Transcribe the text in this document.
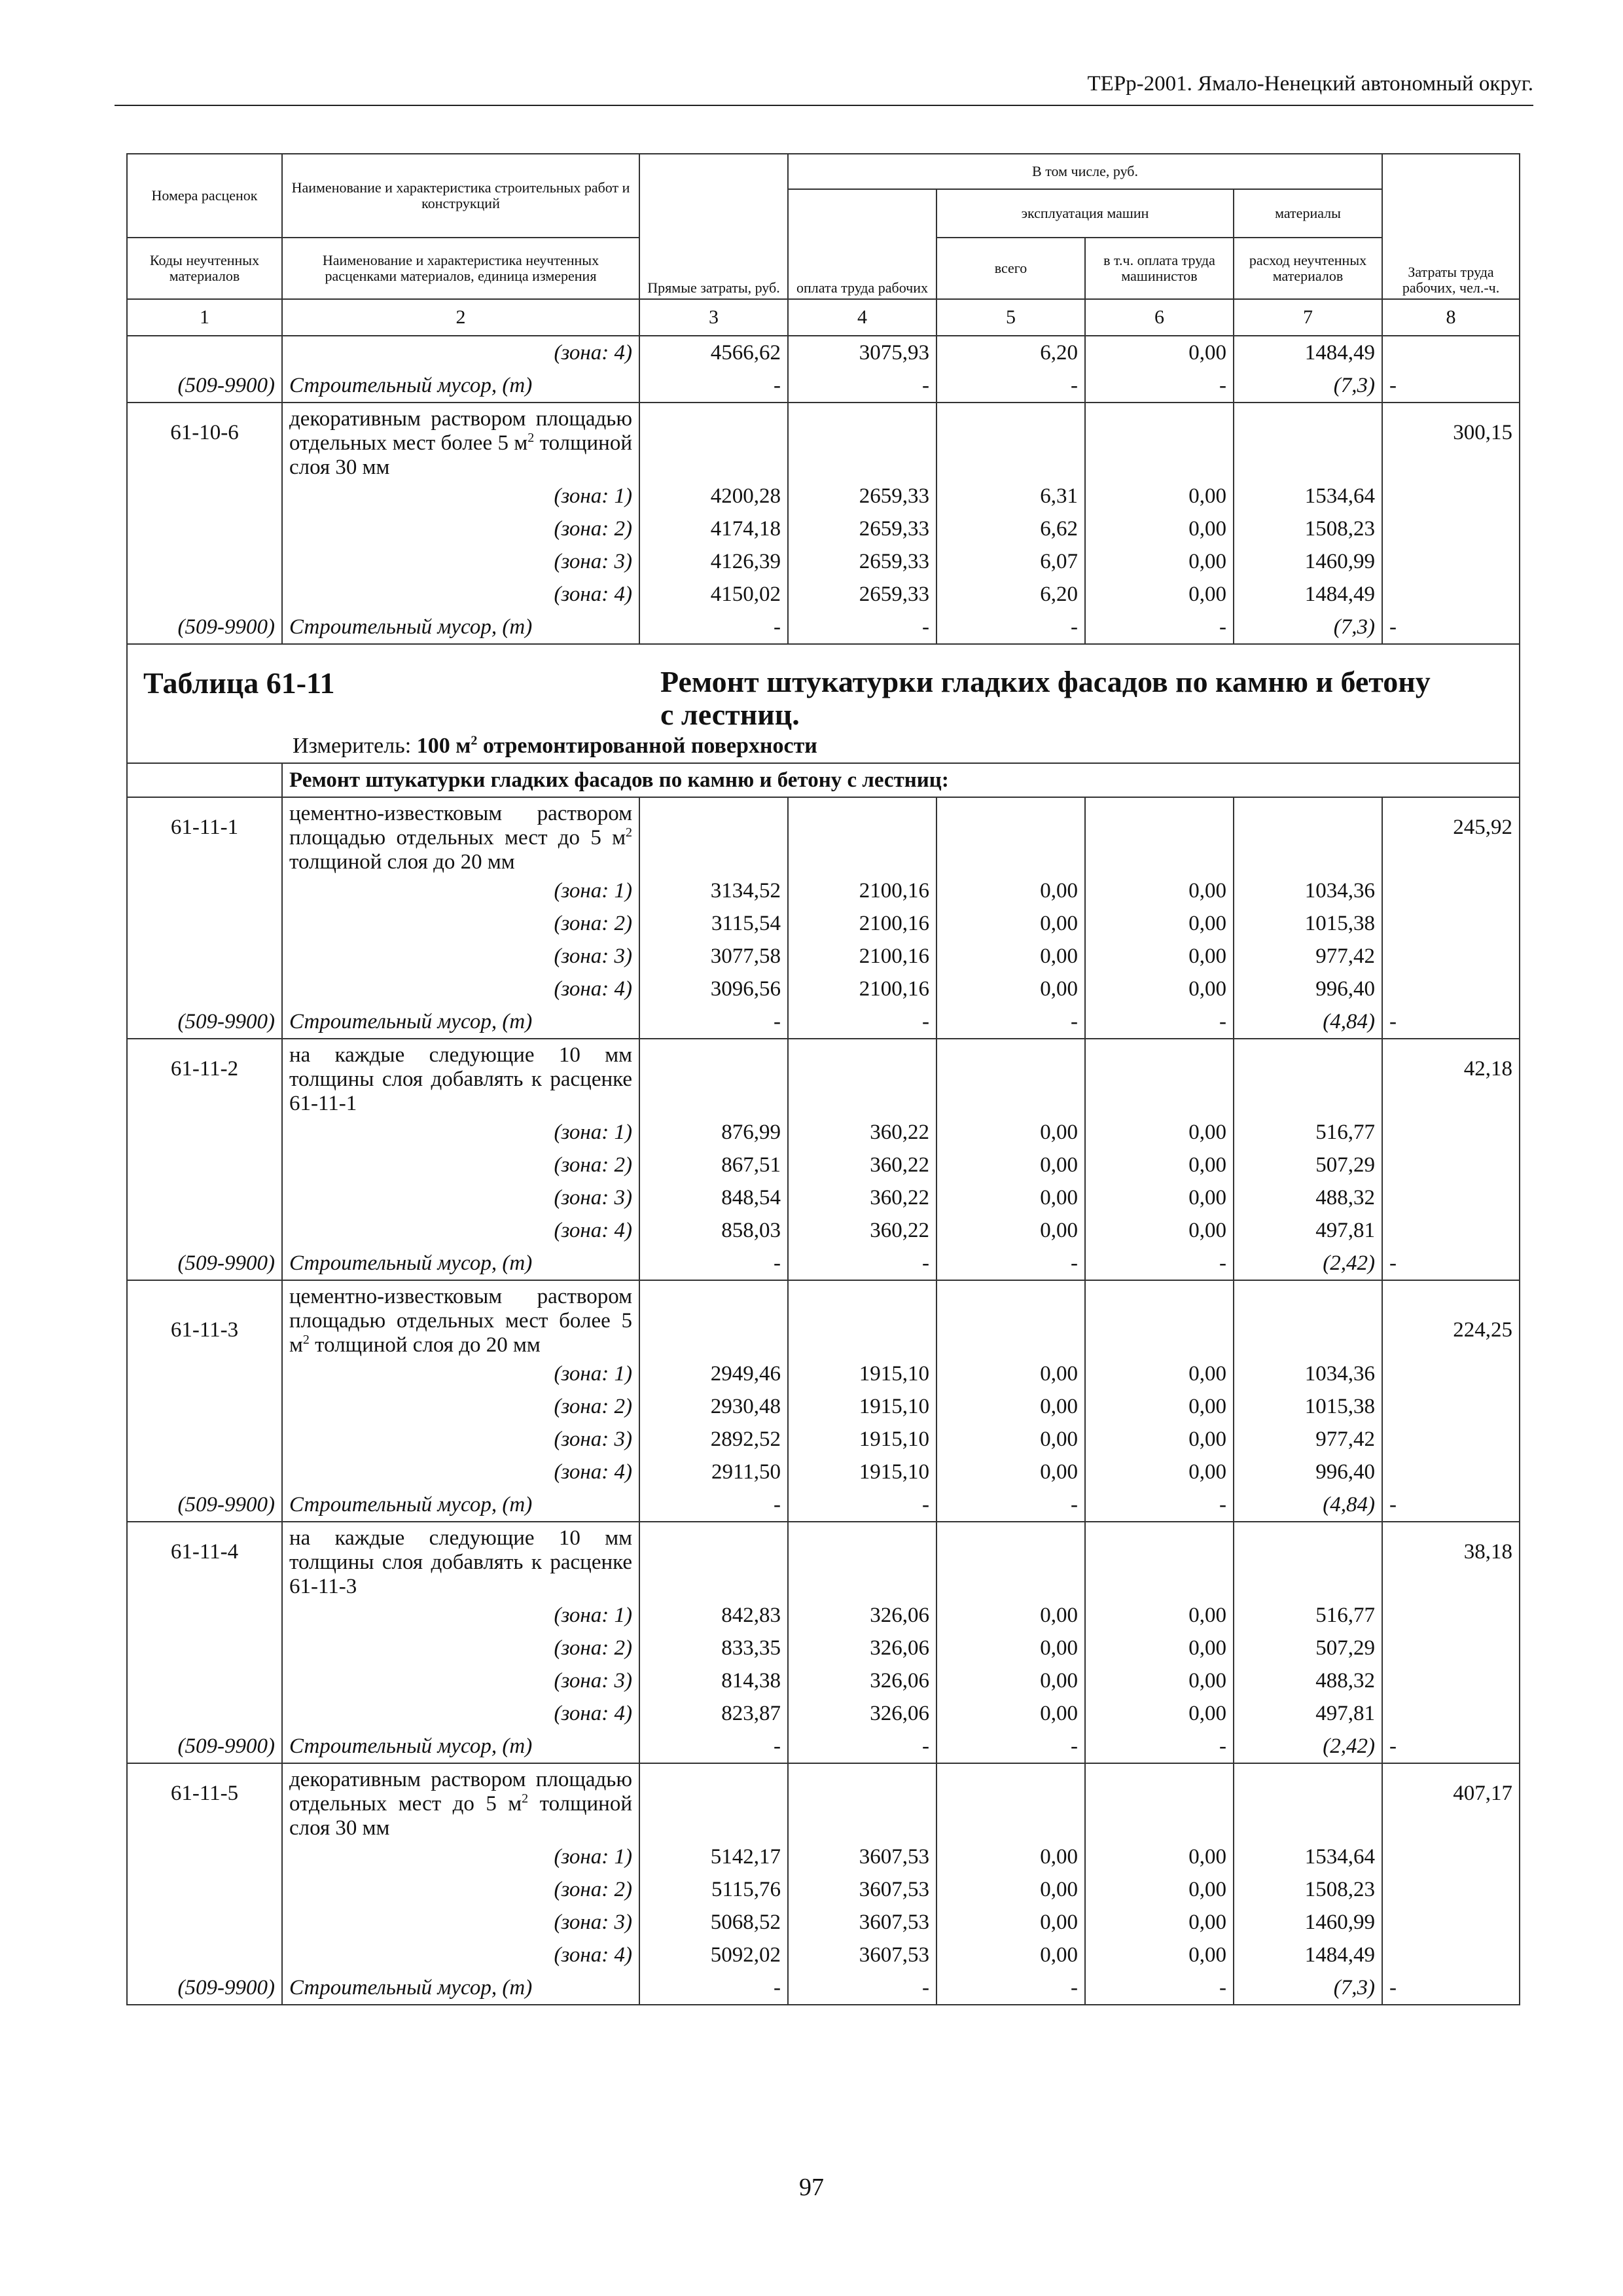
ТЕРр-2001. Ямало-Ненецкий автономный округ.
Номера расценок	Наименование и характеристика строительных работ и конструкций	Прямые затраты, руб.	В том числе, руб.				Затраты труда рабочих, чел.-ч.
			оплата труда рабочих	эксплуатация машин		материалы	
Коды неучтенных материалов	Наименование и характеристика неучтенных расценками материалов, единица измерения			всего	в т.ч. оплата труда машинистов	расход неучтенных материалов	
1	2	3	4	5	6	7	8
	(зона: 4)	4566,62	3075,93	6,20	0,00	1484,49	
(509-9900)	Строительный мусор, (т)	-	-	-	-	(7,3)	-
61-10-6	декоративным раствором площадью отдельных мест более 5 $м^2$ толщиной слоя 30 мм						300,15
	(зона: 1)	4200,28	2659,33	6,31	0,00	1534,64	
	(зона: 2)	4174,18	2659,33	6,62	0,00	1508,23	
	(зона: 3)	4126,39	2659,33	6,07	0,00	1460,99	
	(зона: 4)	4150,02	2659,33	6,20	0,00	1484,49	
(509-9900)	Строительный мусор, (т)	-	-	-	-	(7,3)	-

Таблица 61-11 Ремонт штукатурки гладких фасадов по камню и бетону с лестниц.
Измеритель: 100 $м^2$ отремонтированной поверхности							

	Ремонт штукатурки гладких фасадов по камню и бетону с лестниц:						
61-11-1	цементно-известковым раствором площадью отдельных мест до 5 $м^2$ толщиной слоя до 20 мм						245,92
	(зона: 1)	3134,52	2100,16	0,00	0,00	1034,36	
	(зона: 2)	3115,54	2100,16	0,00	0,00	1015,38	
	(зона: 3)	3077,58	2100,16	0,00	0,00	977,42	
	(зона: 4)	3096,56	2100,16	0,00	0,00	996,40	
(509-9900)	Строительный мусор, (т)	-	-	-	-	(4,84)	-
61-11-2	на каждые следующие 10 мм толщины слоя добавлять к расценке 61-11-1						42,18
	(зона: 1)	876,99	360,22	0,00	0,00	516,77	
	(зона: 2)	867,51	360,22	0,00	0,00	507,29	
	(зона: 3)	848,54	360,22	0,00	0,00	488,32	
	(зона: 4)	858,03	360,22	0,00	0,00	497,81	
(509-9900)	Строительный мусор, (т)	-	-	-	-	(2,42)	-
61-11-3	цементно-известковым раствором площадью отдельных мест более 5 $м^2$ толщиной слоя до 20 мм						224,25
	(зона: 1)	2949,46	1915,10	0,00	0,00	1034,36	
	(зона: 2)	2930,48	1915,10	0,00	0,00	1015,38	
	(зона: 3)	2892,52	1915,10	0,00	0,00	977,42	
	(зона: 4)	2911,50	1915,10	0,00	0,00	996,40	
(509-9900)	Строительный мусор, (т)	-	-	-	-	(4,84)	-
61-11-4	на каждые следующие 10 мм толщины слоя добавлять к расценке 61-11-3						38,18
	(зона: 1)	842,83	326,06	0,00	0,00	516,77	
	(зона: 2)	833,35	326,06	0,00	0,00	507,29	
	(зона: 3)	814,38	326,06	0,00	0,00	488,32	
	(зона: 4)	823,87	326,06	0,00	0,00	497,81	
(509-9900)	Строительный мусор, (т)	-	-	-	-	(2,42)	-
61-11-5	декоративным раствором площадью отдельных мест до 5 $м^2$ толщиной слоя 30 мм						407,17
	(зона: 1)	5142,17	3607,53	0,00	0,00	1534,64	
	(зона: 2)	5115,76	3607,53	0,00	0,00	1508,23	
	(зона: 3)	5068,52	3607,53	0,00	0,00	1460,99	
	(зона: 4)	5092,02	3607,53	0,00	0,00	1484,49	
(509-9900)	Строительный мусор, (т)	-	-	-	-	(7,3)	-
97
